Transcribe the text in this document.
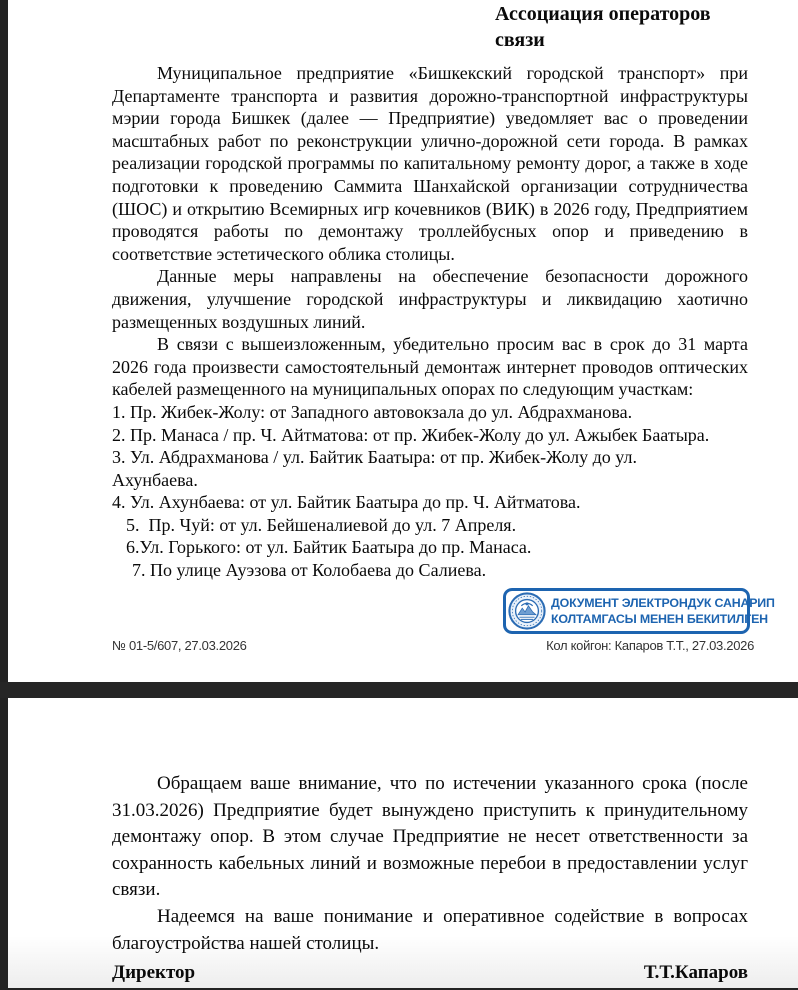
Ассоциация операторов связи

Муниципальное предприятие «Бишкекский городской транспорт» при Департаменте транспорта и развития дорожно-транспортной инфраструктуры мэрии города Бишкек (далее — Предприятие) уведомляет вас о проведении масштабных работ по реконструкции улично-дорожной сети города. В рамках реализации городской программы по капитальному ремонту дорог, а также в ходе подготовки к проведению Саммита Шанхайской организации сотрудничества (ШОС) и открытию Всемирных игр кочевников (ВИК) в 2026 году, Предприятием проводятся работы по демонтажу троллейбусных опор и приведению в соответствие эстетического облика столицы.

Данные меры направлены на обеспечение безопасности дорожного движения, улучшение городской инфраструктуры и ликвидацию хаотично размещенных воздушных линий.

В связи с вышеизложенным, убедительно просим вас в срок до 31 марта 2026 года произвести самостоятельный демонтаж интернет проводов оптических кабелей размещенного на муниципальных опорах по следующим участкам:

1. Пр. Жибек-Жолу: от Западного автовокзала до ул. Абдрахманова.
2. Пр. Манаса / пр. Ч. Айтматова: от пр. Жибек-Жолу до ул. Ажыбек Баатыра.
3. Ул. Абдрахманова / ул. Байтик Баатыра: от пр. Жибек-Жолу до ул. Ахунбаева.
4. Ул. Ахунбаева: от ул. Байтик Баатыра до пр. Ч. Айтматова.
5.  Пр. Чуй: от ул. Бейшеналиевой до ул. 7 Апреля.
6.Ул. Горького: от ул. Байтик Баатыра до пр. Манаса.
7. По улице Ауэзова от Колобаева до Салиева.
ДОКУМЕНТ ЭЛЕКТРОНДУК САНАРИП
КОЛТАМГАСЫ МЕНЕН БЕКИТИЛГЕН
№ 01-5/607, 27.03.2026	Кол койгон: Капаров Т.Т., 27.03.2026

Обращаем ваше внимание, что по истечении указанного срока (после 31.03.2026) Предприятие будет вынуждено приступить к принудительному демонтажу опор. В этом случае Предприятие не несет ответственности за сохранность кабельных линий и возможные перебои в предоставлении услуг связи.

Надеемся на ваше понимание и оперативное содействие в вопросах благоустройства нашей столицы.

Директор	Т.Т.Капаров
